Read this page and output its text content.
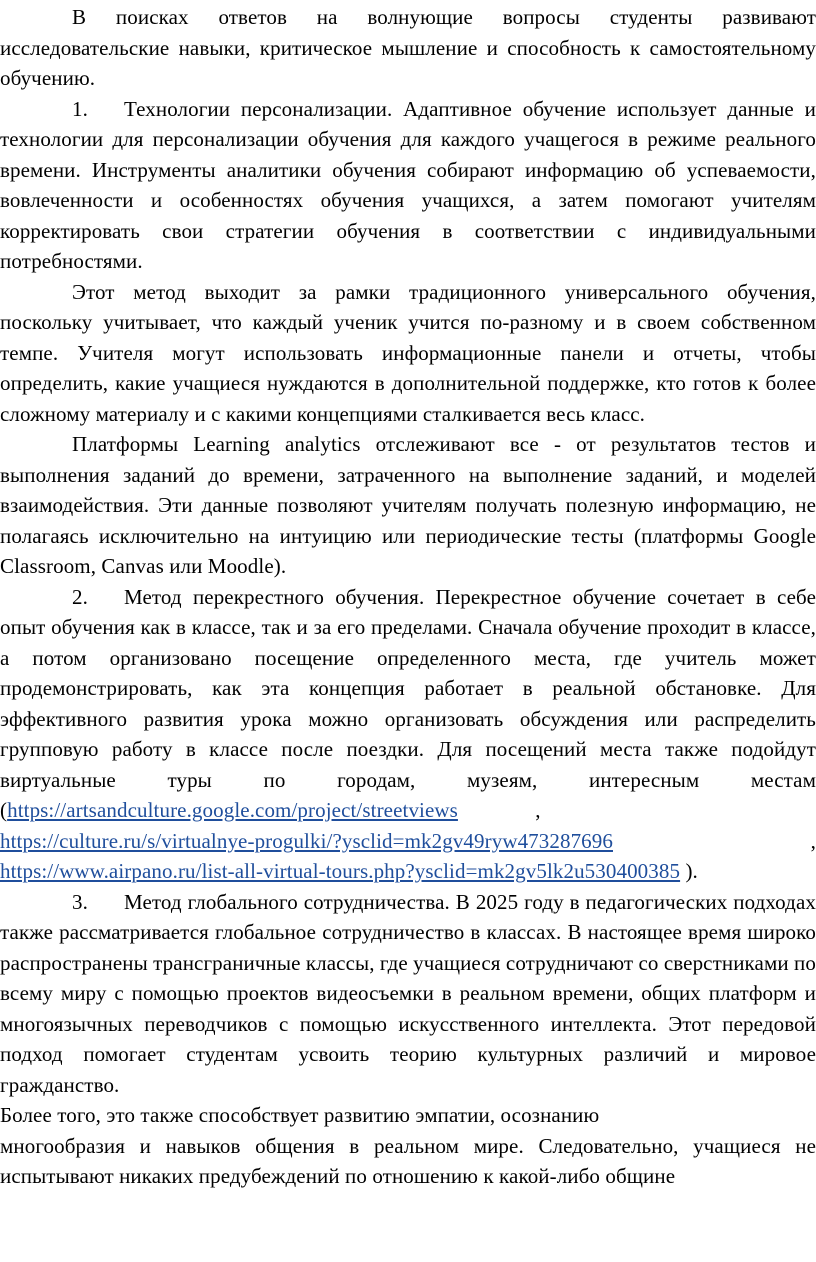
В поисках ответов на волнующие вопросы студенты развивают исследовательские навыки, критическое мышление и способность к самостоятельному обучению.

1. Технологии персонализации. Адаптивное обучение использует данные и технологии для персонализации обучения для каждого учащегося в режиме реального времени. Инструменты аналитики обучения собирают информацию об успеваемости, вовлеченности и особенностях обучения учащихся, а затем помогают учителям корректировать свои стратегии обучения в соответствии с индивидуальными потребностями.

Этот метод выходит за рамки традиционного универсального обучения, поскольку учитывает, что каждый ученик учится по-разному и в своем собственном темпе. Учителя могут использовать информационные панели и отчеты, чтобы определить, какие учащиеся нуждаются в дополнительной поддержке, кто готов к более сложному материалу и с какими концепциями сталкивается весь класс.

Платформы Learning analytics отслеживают все - от результатов тестов и выполнения заданий до времени, затраченного на выполнение заданий, и моделей взаимодействия. Эти данные позволяют учителям получать полезную информацию, не полагаясь исключительно на интуицию или периодические тесты (платформы Google Classroom, Canvas или Moodle).

2. Метод перекрестного обучения. Перекрестное обучение сочетает в себе опыт обучения как в классе, так и за его пределами. Сначала обучение проходит в классе, а потом организовано посещение определенного места, где учитель может продемонстрировать, как эта концепция работает в реальной обстановке. Для эффективного развития урока можно организовать обсуждения или распределить групповую работу в классе после поездки. Для посещений места также подойдут виртуальные туры по городам, музеям, интересным местам (https://artsandculture.google.com/project/streetviews	,

https://culture.ru/s/virtualnye-progulki/?ysclid=mk2gv49ryw473287696	,

https://www.airpano.ru/list-all-virtual-tours.php?ysclid=mk2gv5lk2u530400385 ).

3. Метод глобального сотрудничества. В 2025 году в педагогических подходах также рассматривается глобальное сотрудничество в классах. В настоящее время широко распространены трансграничные классы, где учащиеся сотрудничают со сверстниками по всему миру с помощью проектов видеосъемки в реальном времени, общих платформ и многоязычных переводчиков с помощью искусственного интеллекта. Этот передовой подход помогает студентам усвоить теорию культурных различий и мировое гражданство.

Более того, это также способствует развитию эмпатии, осознанию

многообразия и навыков общения в реальном мире. Следовательно, учащиеся не испытывают никаких предубеждений по отношению к какой-либо общине
